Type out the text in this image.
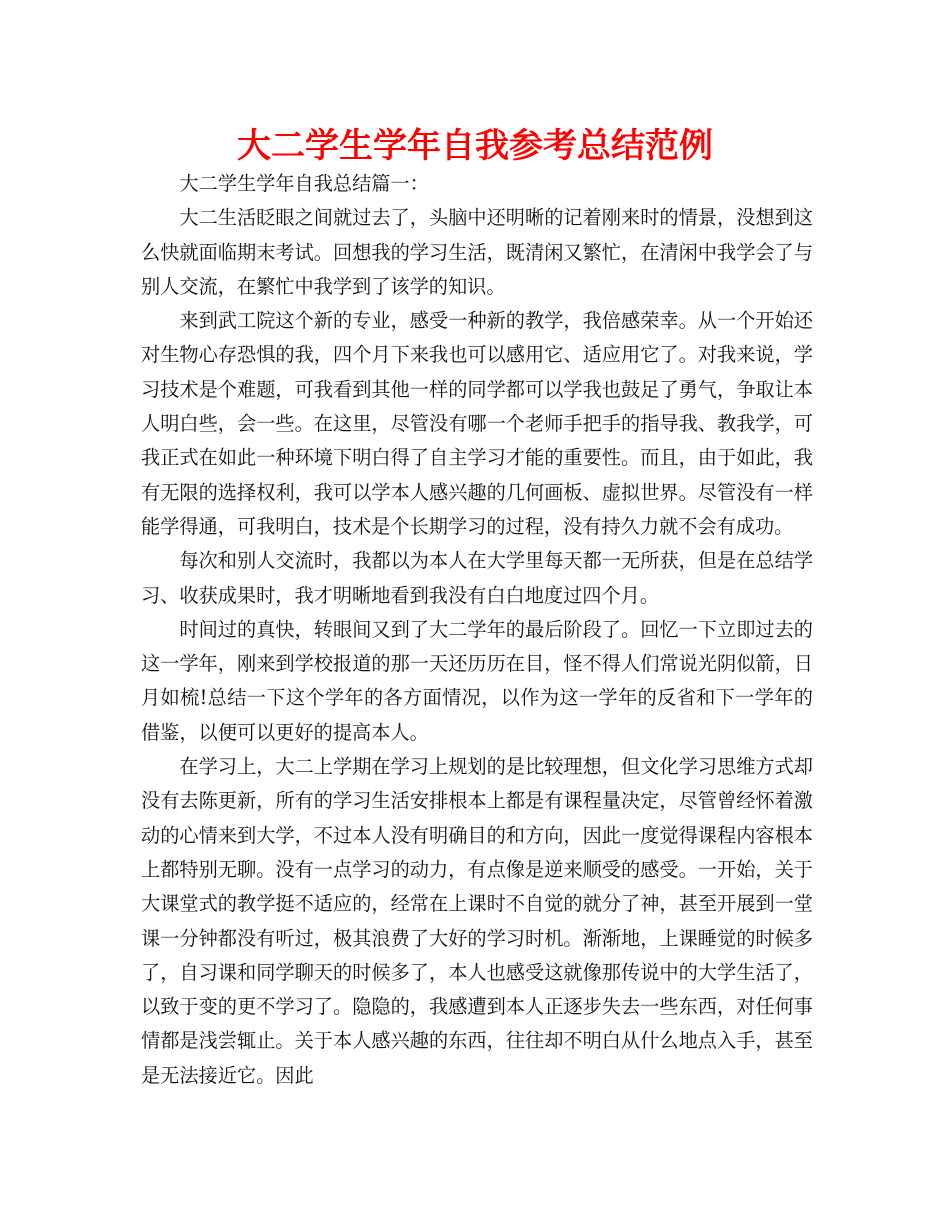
大二学生学年自我参考总结范例

大二学生学年自我总结篇一：

大二生活眨眼之间就过去了，头脑中还明晰的记着刚来时的情景，没想到这么快就面临期末考试。回想我的学习生活，既清闲又繁忙，在清闲中我学会了与别人交流，在繁忙中我学到了该学的知识。

来到武工院这个新的专业，感受一种新的教学，我倍感荣幸。从一个开始还对生物心存恐惧的我，四个月下来我也可以感用它、适应用它了。对我来说，学习技术是个难题，可我看到其他一样的同学都可以学我也鼓足了勇气，争取让本人明白些，会一些。在这里，尽管没有哪一个老师手把手的指导我、教我学，可我正式在如此一种环境下明白得了自主学习才能的重要性。而且，由于如此，我有无限的选择权利，我可以学本人感兴趣的几何画板、虚拟世界。尽管没有一样能学得通，可我明白，技术是个长期学习的过程，没有持久力就不会有成功。

每次和别人交流时，我都以为本人在大学里每天都一无所获，但是在总结学习、收获成果时，我才明晰地看到我没有白白地度过四个月。

时间过的真快，转眼间又到了大二学年的最后阶段了。回忆一下立即过去的这一学年，刚来到学校报道的那一天还历历在目，怪不得人们常说光阴似箭，日月如梳!总结一下这个学年的各方面情况，以作为这一学年的反省和下一学年的借鉴，以便可以更好的提高本人。

在学习上，大二上学期在学习上规划的是比较理想，但文化学习思维方式却没有去陈更新，所有的学习生活安排根本上都是有课程量决定，尽管曾经怀着激动的心情来到大学，不过本人没有明确目的和方向，因此一度觉得课程内容根本上都特别无聊。没有一点学习的动力，有点像是逆来顺受的感受。一开始，关于大课堂式的教学挺不适应的，经常在上课时不自觉的就分了神，甚至开展到一堂课一分钟都没有听过，极其浪费了大好的学习时机。渐渐地，上课睡觉的时候多了，自习课和同学聊天的时候多了，本人也感受这就像那传说中的大学生活了，以致于变的更不学习了。隐隐的，我感遭到本人正逐步失去一些东西，对任何事情都是浅尝辄止。关于本人感兴趣的东西，往往却不明白从什么地点入手，甚至是无法接近它。因此
